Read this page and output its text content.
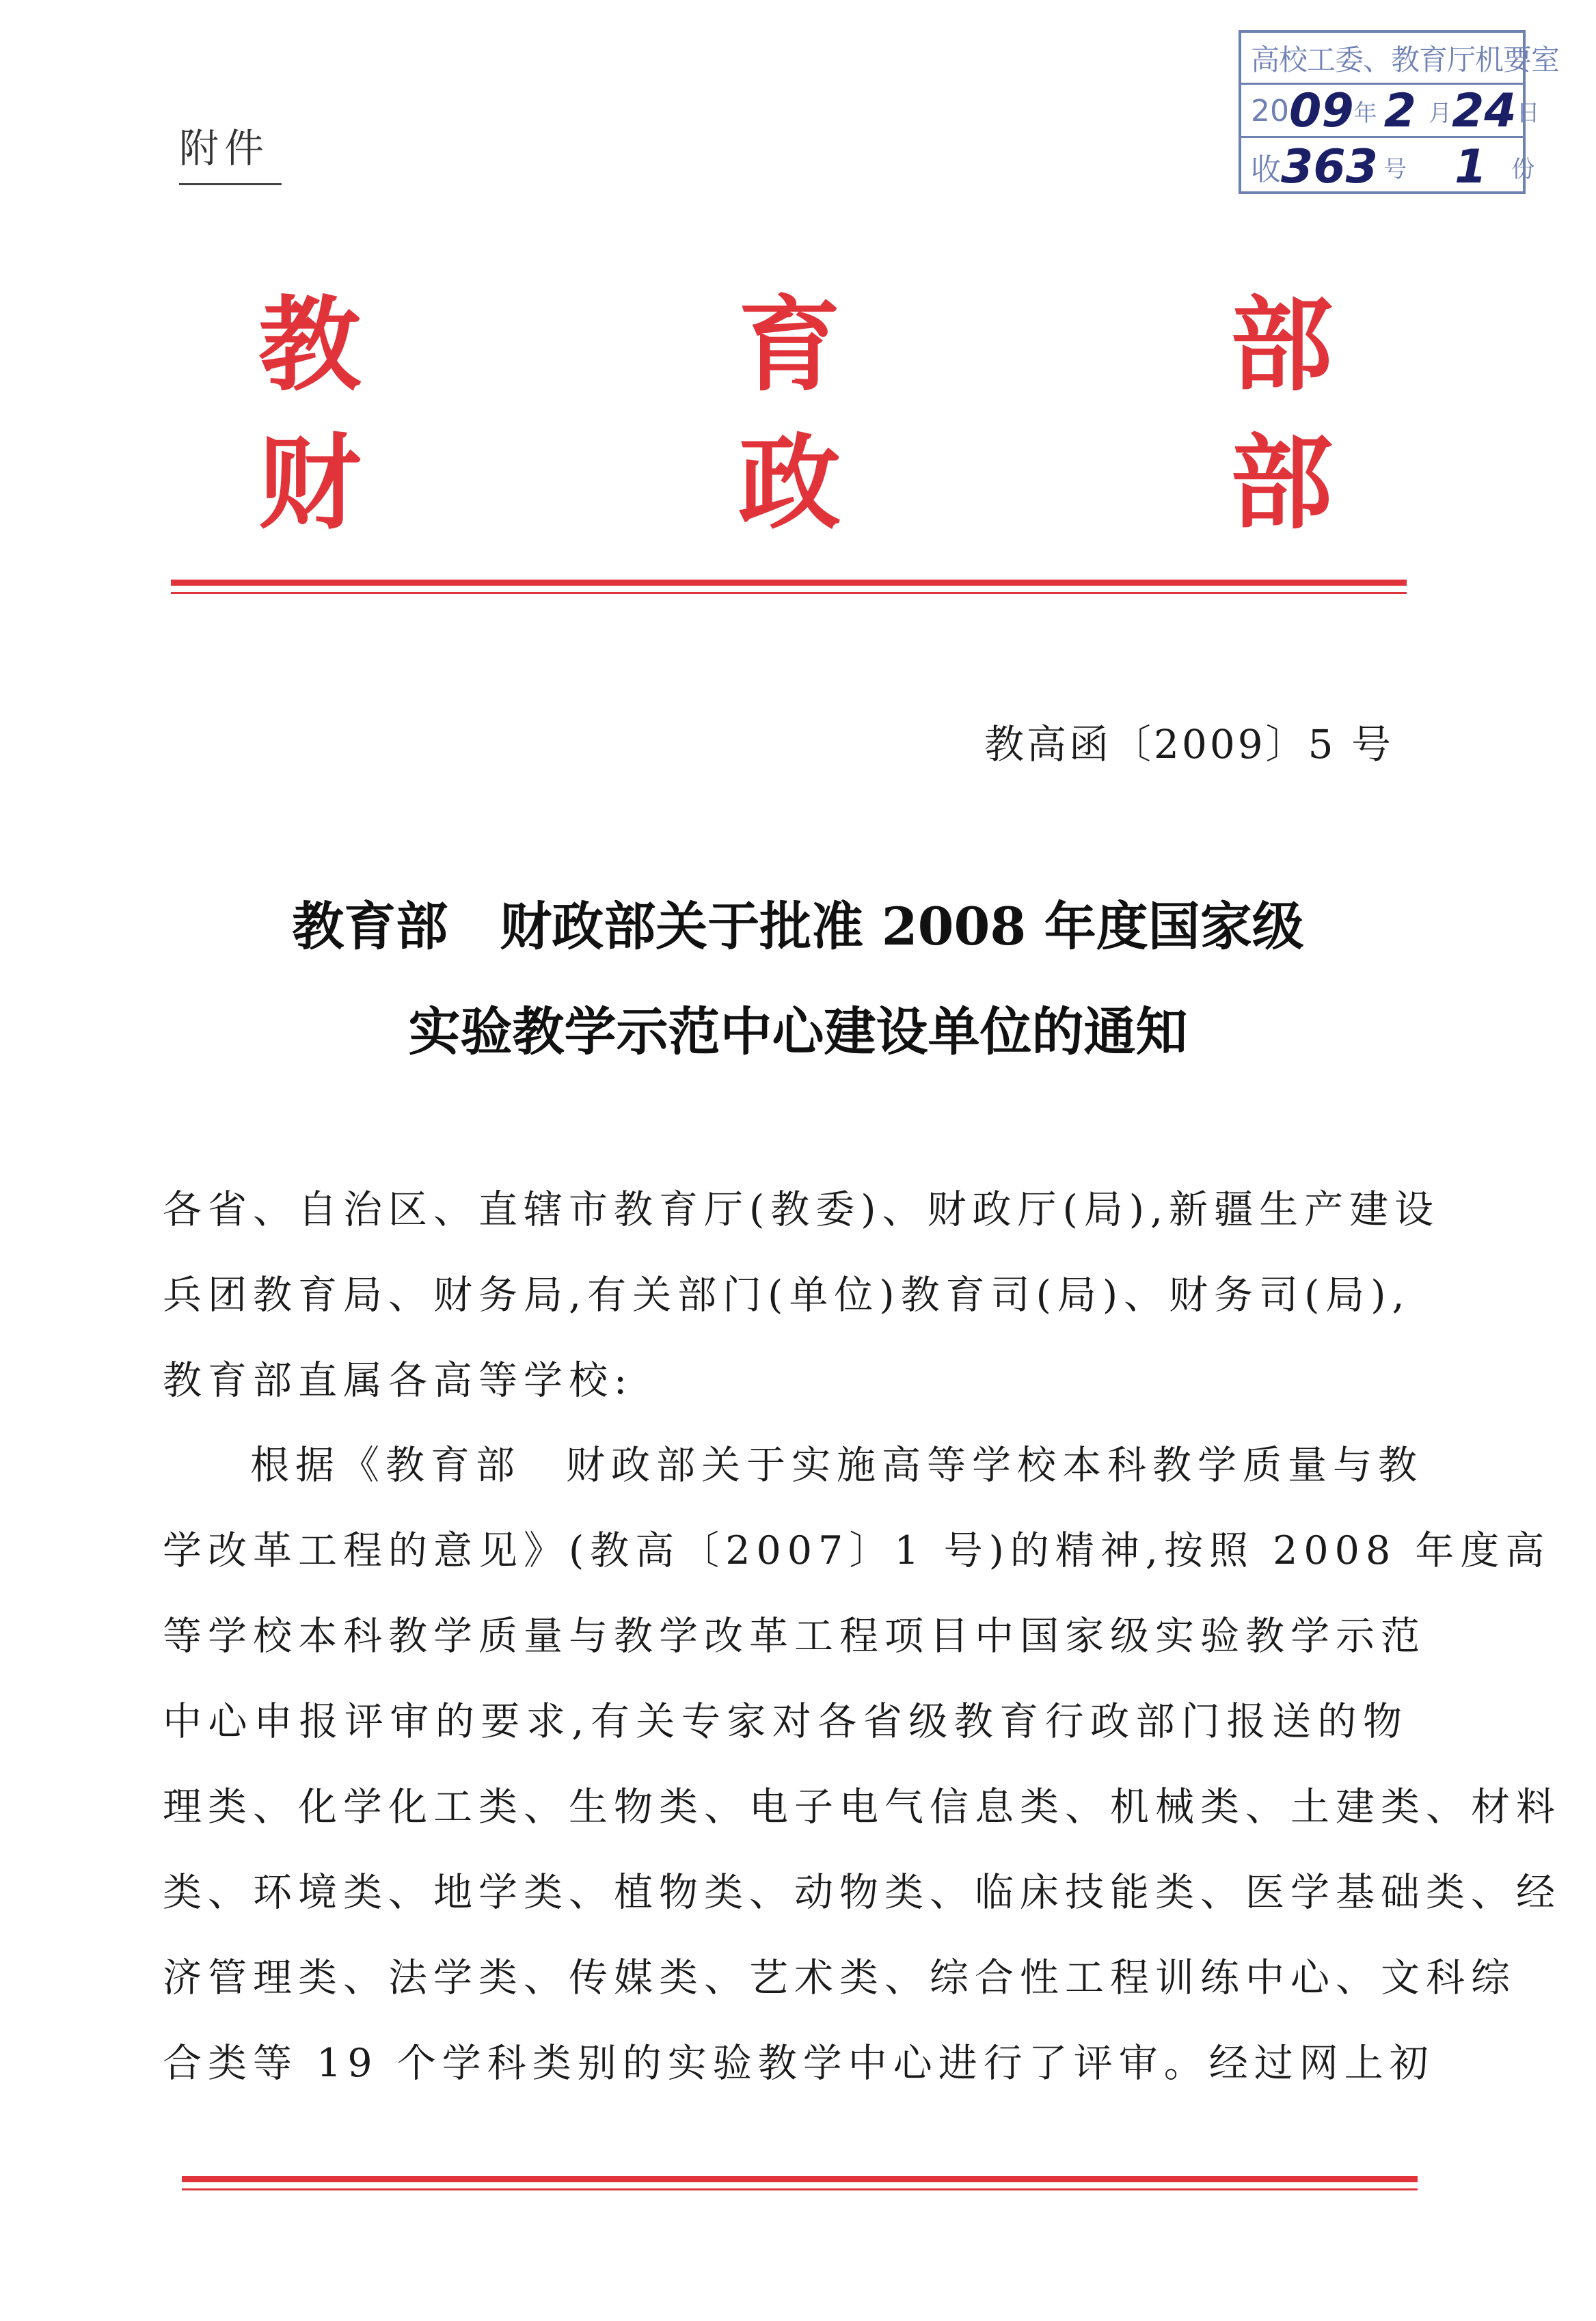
附件
高校工委、教育厅机要室
20 09 年 2 月 24 日
收 363 号 1 份
教	育	部
财	政	部
教高函〔2009〕5 号
教育部　财政部关于批准 2008 年度国家级
实验教学示范中心建设单位的通知
各省、自治区、直辖市教育厅(教委)、财政厅(局),新疆生产建设
兵团教育局、财务局,有关部门(单位)教育司(局)、财务司(局),
教育部直属各高等学校:
根据《教育部　财政部关于实施高等学校本科教学质量与教
学改革工程的意见》(教高〔2007〕1 号)的精神,按照 2008 年度高
等学校本科教学质量与教学改革工程项目中国家级实验教学示范
中心申报评审的要求,有关专家对各省级教育行政部门报送的物
理类、化学化工类、生物类、电子电气信息类、机械类、土建类、材料
类、环境类、地学类、植物类、动物类、临床技能类、医学基础类、经
济管理类、法学类、传媒类、艺术类、综合性工程训练中心、文科综
合类等 19 个学科类别的实验教学中心进行了评审。经过网上初
